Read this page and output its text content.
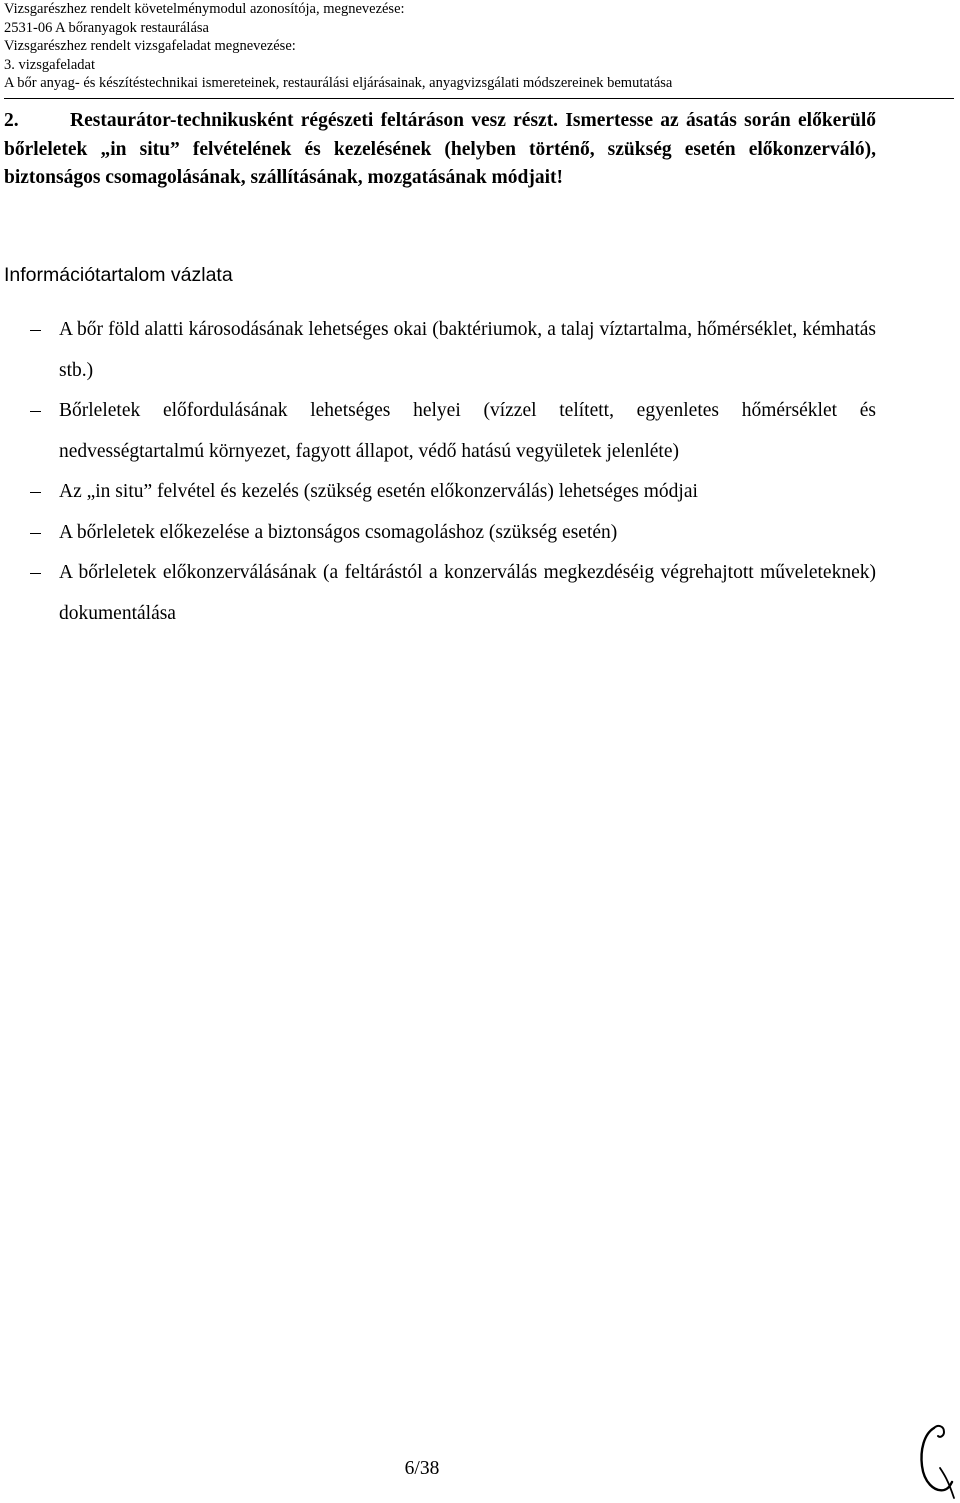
Vizsgarészhez rendelt követelménymodul azonosítója, megnevezése:
2531-06 A bőranyagok restaurálása
Vizsgarészhez rendelt vizsgafeladat megnevezése:
3. vizsgafeladat
A bőr anyag- és készítéstechnikai ismereteinek, restaurálási eljárásainak, anyagvizsgálati módszereinek bemutatása
2.	Restaurátor-technikusként régészeti feltáráson vesz részt. Ismertesse az ásatás során előkerülő bőrleletek „in situ” felvételének és kezelésének (helyben történő, szükség esetén előkonzerváló), biztonságos csomagolásának, szállításának, mozgatásának módjait!
Információtartalom vázlata
A bőr föld alatti károsodásának lehetséges okai (baktériumok, a talaj víztartalma, hőmérséklet, kémhatás stb.)
Bőrleletek előfordulásának lehetséges helyei (vízzel telített, egyenletes hőmérséklet és nedvességtartalmú környezet, fagyott állapot, védő hatású vegyületek jelenléte)
Az „in situ” felvétel és kezelés (szükség esetén előkonzerválás) lehetséges módjai
A bőrleletek előkezelése a biztonságos csomagoláshoz (szükség esetén)
A bőrleletek előkonzerválásának (a feltárástól a konzerválás megkezdéséig végrehajtott műveleteknek) dokumentálása
6/38
